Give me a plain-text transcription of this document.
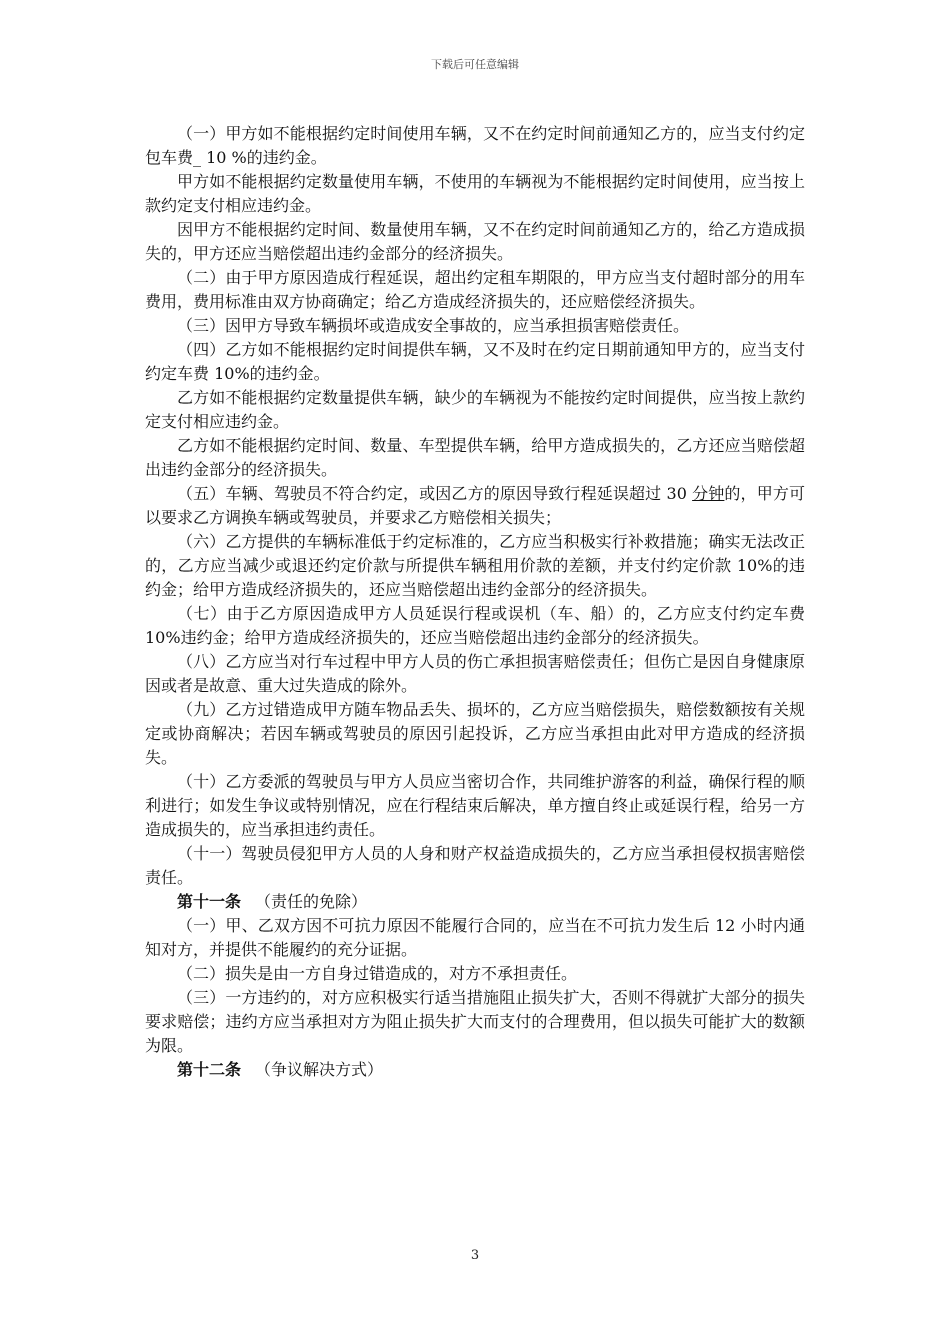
下载后可任意编辑

（一）甲方如不能根据约定时间使用车辆，又不在约定时间前通知乙方的，应当支付约定包车费_ 10 %的违约金。

甲方如不能根据约定数量使用车辆，不使用的车辆视为不能根据约定时间使用，应当按上款约定支付相应违约金。

因甲方不能根据约定时间、数量使用车辆，又不在约定时间前通知乙方的，给乙方造成损失的，甲方还应当赔偿超出违约金部分的经济损失。

（二）由于甲方原因造成行程延误，超出约定租车期限的，甲方应当支付超时部分的用车费用，费用标准由双方协商确定；给乙方造成经济损失的，还应赔偿经济损失。

（三）因甲方导致车辆损坏或造成安全事故的，应当承担损害赔偿责任。

（四）乙方如不能根据约定时间提供车辆，又不及时在约定日期前通知甲方的，应当支付约定车费 10%的违约金。

乙方如不能根据约定数量提供车辆，缺少的车辆视为不能按约定时间提供，应当按上款约定支付相应违约金。

乙方如不能根据约定时间、数量、车型提供车辆，给甲方造成损失的，乙方还应当赔偿超出违约金部分的经济损失。

（五）车辆、驾驶员不符合约定，或因乙方的原因导致行程延误超过 30 分钟的，甲方可以要求乙方调换车辆或驾驶员，并要求乙方赔偿相关损失；

（六）乙方提供的车辆标准低于约定标准的，乙方应当积极实行补救措施；确实无法改正的，乙方应当减少或退还约定价款与所提供车辆租用价款的差额，并支付约定价款 10%的违约金；给甲方造成经济损失的，还应当赔偿超出违约金部分的经济损失。

（七）由于乙方原因造成甲方人员延误行程或误机（车、船）的，乙方应支付约定车费 10%违约金；给甲方造成经济损失的，还应当赔偿超出违约金部分的经济损失。

（八）乙方应当对行车过程中甲方人员的伤亡承担损害赔偿责任；但伤亡是因自身健康原因或者是故意、重大过失造成的除外。

（九）乙方过错造成甲方随车物品丢失、损坏的，乙方应当赔偿损失，赔偿数额按有关规定或协商解决；若因车辆或驾驶员的原因引起投诉，乙方应当承担由此对甲方造成的经济损失。

（十）乙方委派的驾驶员与甲方人员应当密切合作，共同维护游客的利益，确保行程的顺利进行；如发生争议或特别情况，应在行程结束后解决，单方擅自终止或延误行程，给另一方造成损失的，应当承担违约责任。

（十一）驾驶员侵犯甲方人员的人身和财产权益造成损失的，乙方应当承担侵权损害赔偿责任。

第十一条 （责任的免除）

（一）甲、乙双方因不可抗力原因不能履行合同的，应当在不可抗力发生后 12 小时内通知对方，并提供不能履约的充分证据。

（二）损失是由一方自身过错造成的，对方不承担责任。

（三）一方违约的，对方应积极实行适当措施阻止损失扩大，否则不得就扩大部分的损失要求赔偿；违约方应当承担对方为阻止损失扩大而支付的合理费用，但以损失可能扩大的数额为限。

第十二条 （争议解决方式）

3
